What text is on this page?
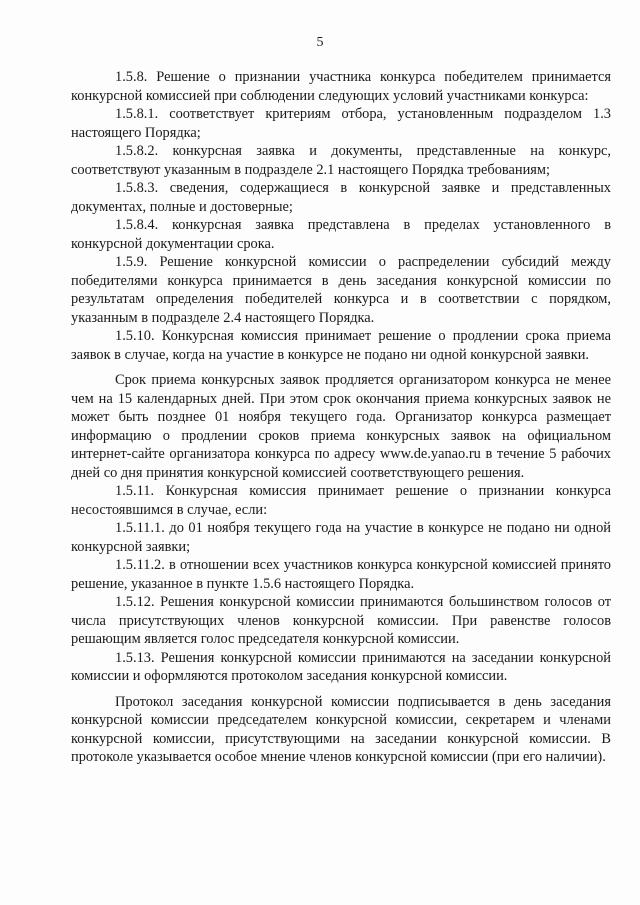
5

1.5.8. Решение о признании участника конкурса победителем принимается конкурсной комиссией при соблюдении следующих условий участниками конкурса:

1.5.8.1. соответствует критериям отбора, установленным подразделом 1.3 настоящего Порядка;

1.5.8.2. конкурсная заявка и документы, представленные на конкурс, соответствуют указанным в подразделе 2.1 настоящего Порядка требованиям;

1.5.8.3. сведения, содержащиеся в конкурсной заявке и представленных документах, полные и достоверные;

1.5.8.4. конкурсная заявка представлена в пределах установленного в конкурсной документации срока.

1.5.9. Решение конкурсной комиссии о распределении субсидий между победителями конкурса принимается в день заседания конкурсной комиссии по результатам определения победителей конкурса и в соответствии с порядком, указанным в подразделе 2.4 настоящего Порядка.

1.5.10. Конкурсная комиссия принимает решение о продлении срока приема заявок в случае, когда на участие в конкурсе не подано ни одной конкурсной заявки.

Срок приема конкурсных заявок продляется организатором конкурса не менее чем на 15 календарных дней. При этом срок окончания приема конкурсных заявок не может быть позднее 01 ноября текущего года. Организатор конкурса размещает информацию о продлении сроков приема конкурсных заявок на официальном интернет-сайте организатора конкурса по адресу www.de.yanao.ru в течение 5 рабочих дней со дня принятия конкурсной комиссией соответствующего решения.

1.5.11. Конкурсная комиссия принимает решение о признании конкурса несостоявшимся в случае, если:

1.5.11.1. до 01 ноября текущего года на участие в конкурсе не подано ни одной конкурсной заявки;

1.5.11.2. в отношении всех участников конкурса конкурсной комиссией принято решение, указанное в пункте 1.5.6 настоящего Порядка.

1.5.12. Решения конкурсной комиссии принимаются большинством голосов от числа присутствующих членов конкурсной комиссии. При равенстве голосов решающим является голос председателя конкурсной комиссии.

1.5.13. Решения конкурсной комиссии принимаются на заседании конкурсной комиссии и оформляются протоколом заседания конкурсной комиссии.

Протокол заседания конкурсной комиссии подписывается в день заседания конкурсной комиссии председателем конкурсной комиссии, секретарем и членами конкурсной комиссии, присутствующими на заседании конкурсной комиссии. В протоколе указывается особое мнение членов конкурсной комиссии (при его наличии).
